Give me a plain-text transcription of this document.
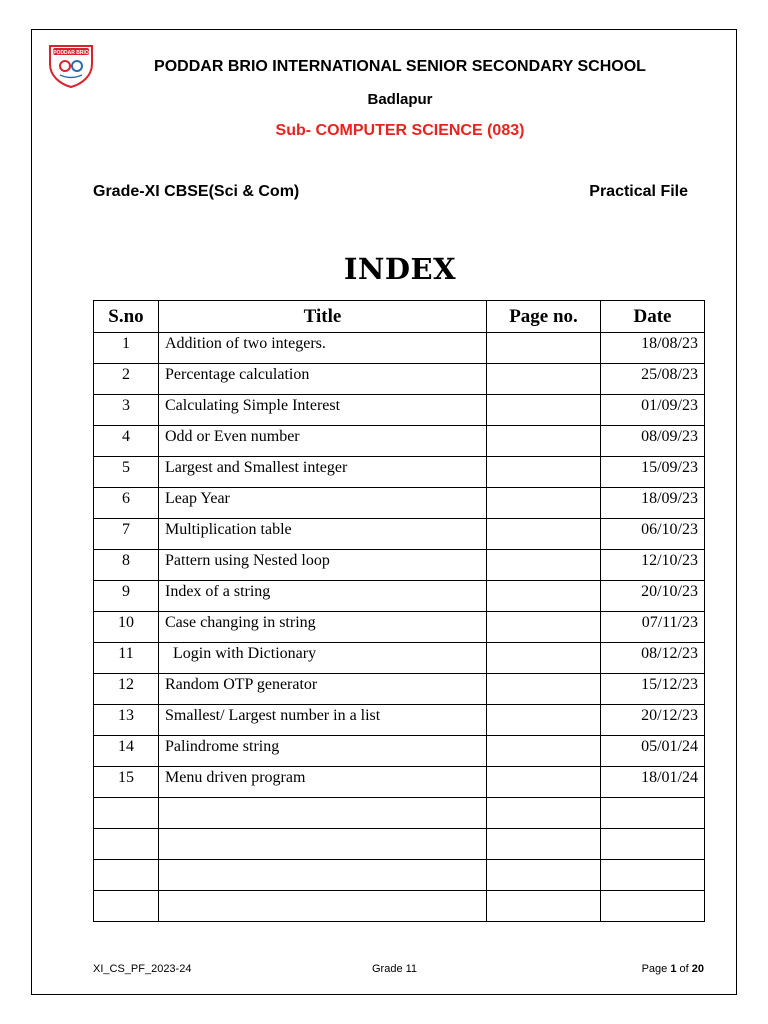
PODDAR BRIO
PODDAR BRIO INTERNATIONAL SENIOR SECONDARY SCHOOL
Badlapur
Sub- COMPUTER SCIENCE (083)
Grade-XI CBSE(Sci & Com)	Practical File
INDEX
S.no	Title	Page no.	Date
1	Addition of two integers.		18/08/23
2	Percentage calculation		25/08/23
3	Calculating Simple Interest		01/09/23
4	Odd or Even number		08/09/23
5	Largest and Smallest integer		15/09/23
6	Leap Year		18/09/23
7	Multiplication table		06/10/23
8	Pattern using Nested loop		12/10/23
9	Index of a string		20/10/23
10	Case changing in string		07/11/23
11	Login with Dictionary		08/12/23
12	Random OTP generator		15/12/23
13	Smallest/ Largest number in a list		20/12/23
14	Palindrome string		05/01/24
15	Menu driven program		18/01/24

XI_CS_PF_2023-24	Grade 11	Page 1 of 20
